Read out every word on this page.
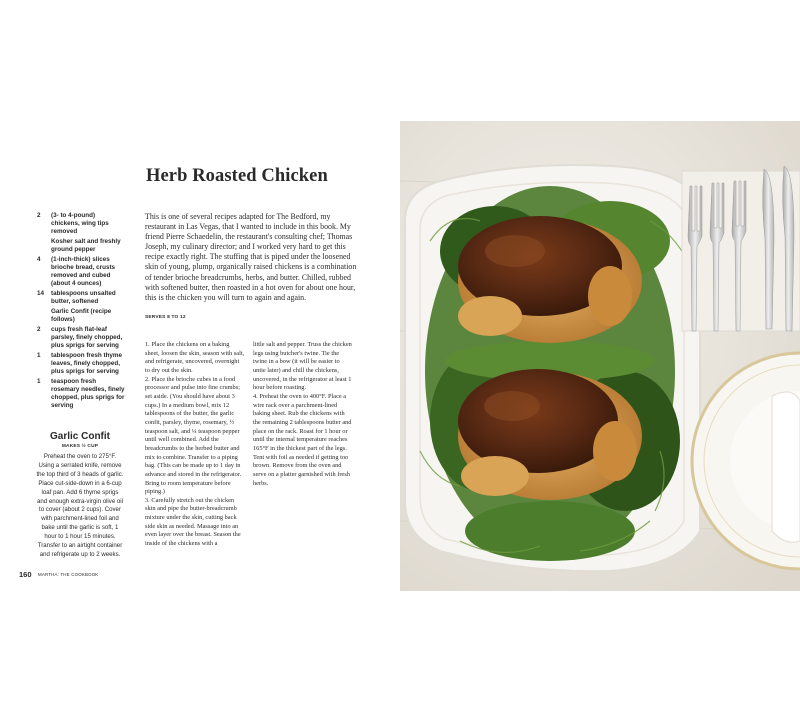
Herb Roasted Chicken
2	(3- to 4-pound) chickens, wing tips removed
Kosher salt and freshly ground pepper
4	(1-inch-thick) slices brioche bread, crusts removed and cubed (about 4 ounces)
14	tablespoons unsalted butter, softened
Garlic Confit (recipe follows)
2	cups fresh flat-leaf parsley, finely chopped, plus sprigs for serving
1	tablespoon fresh thyme leaves, finely chopped, plus sprigs for serving
1	teaspoon fresh rosemary needles, finely chopped, plus sprigs for serving
Garlic Confit
MAKES ½ CUP
Preheat the oven to 275°F. Using a serrated knife, remove the top third of 3 heads of garlic. Place cut-side-down in a 6-cup loaf pan. Add 6 thyme sprigs and enough extra-virgin olive oil to cover (about 2 cups). Cover with parchment-lined foil and bake until the garlic is soft, 1 hour to 1 hour 15 minutes. Transfer to an airtight container and refrigerate up to 2 weeks.
This is one of several recipes adapted for The Bedford, my restaurant in Las Vegas, that I wanted to include in this book. My friend Pierre Schaedelin, the restaurant's consulting chef; Thomas Joseph, my culinary director; and I worked very hard to get this recipe exactly right. The stuffing that is piped under the loosened skin of young, plump, organically raised chickens is a combination of tender brioche breadcrumbs, herbs, and butter. Chilled, rubbed with softened butter, then roasted in a hot oven for about one hour, this is the chicken you will turn to again and again.
SERVES 8 TO 12

1. Place the chickens on a baking sheet, loosen the skin, season with salt, and refrigerate, uncovered, overnight to dry out the skin.

2. Place the brioche cubes in a food processor and pulse into fine crumbs; set aside. (You should have about 3 cups.) In a medium bowl, mix 12 tablespoons of the butter, the garlic confit, parsley, thyme, rosemary, ½ teaspoon salt, and ¼ teaspoon pepper until well combined. Add the breadcrumbs to the herbed butter and mix to combine. Transfer to a piping bag. (This can be made up to 1 day in advance and stored in the refrigerator. Bring to room temperature before piping.)

3. Carefully stretch out the chicken skin and pipe the butter-breadcrumb mixture under the skin, cutting back side skin as needed. Massage into an even layer over the breast. Season the inside of the chickens with a

little salt and pepper. Truss the chicken legs using butcher's twine. Tie the twine in a bow (it will be easier to untie later) and chill the chickens, uncovered, in the refrigerator at least 1 hour before roasting.

4. Preheat the oven to 400°F. Place a wire rack over a parchment-lined baking sheet. Rub the chickens with the remaining 2 tablespoons butter and place on the rack. Roast for 1 hour or until the internal temperature reaches 165°F in the thickest part of the legs. Tent with foil as needed if getting too brown. Remove from the oven and serve on a platter garnished with fresh herbs.

160 MARTHA: THE COOKBOOK
